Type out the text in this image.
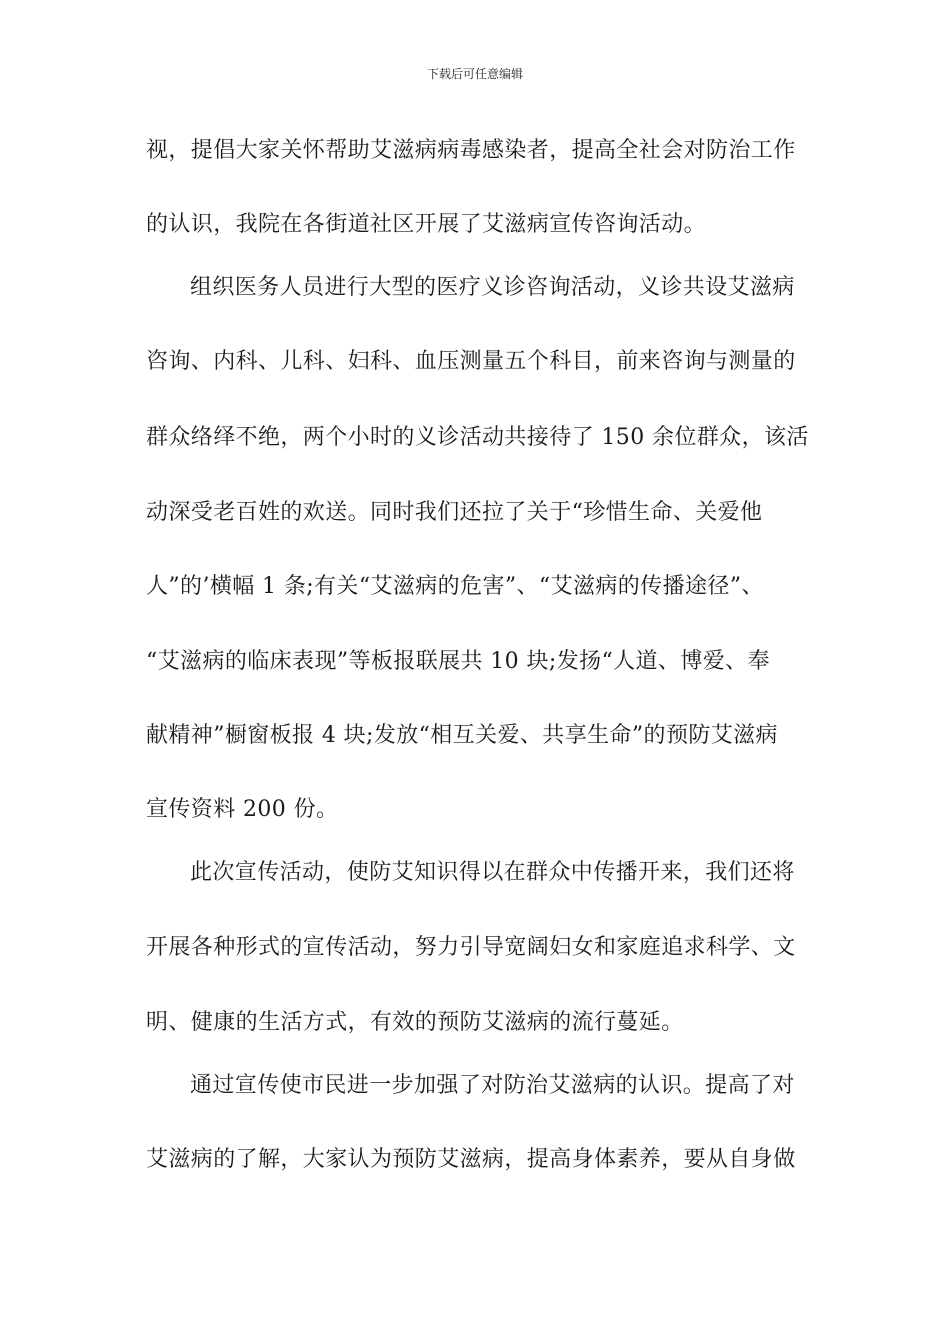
下载后可任意编辑
视，提倡大家关怀帮助艾滋病病毒感染者，提高全社会对防治工作
的认识，我院在各街道社区开展了艾滋病宣传咨询活动。
组织医务人员进行大型的医疗义诊咨询活动，义诊共设艾滋病
咨询、内科、儿科、妇科、血压测量五个科目，前来咨询与测量的
群众络绎不绝，两个小时的义诊活动共接待了 150 余位群众，该活
动深受老百姓的欢送。同时我们还拉了关于“珍惜生命、关爱他
人”的’横幅 1 条;有关“艾滋病的危害”、“艾滋病的传播途径”、
“艾滋病的临床表现”等板报联展共 10 块;发扬“人道、博爱、奉
献精神”橱窗板报 4 块;发放“相互关爱、共享生命”的预防艾滋病
宣传资料 200 份。
此次宣传活动，使防艾知识得以在群众中传播开来，我们还将
开展各种形式的宣传活动，努力引导宽阔妇女和家庭追求科学、文
明、健康的生活方式，有效的预防艾滋病的流行蔓延。
通过宣传使市民进一步加强了对防治艾滋病的认识。提高了对
艾滋病的了解，大家认为预防艾滋病，提高身体素养，要从自身做
